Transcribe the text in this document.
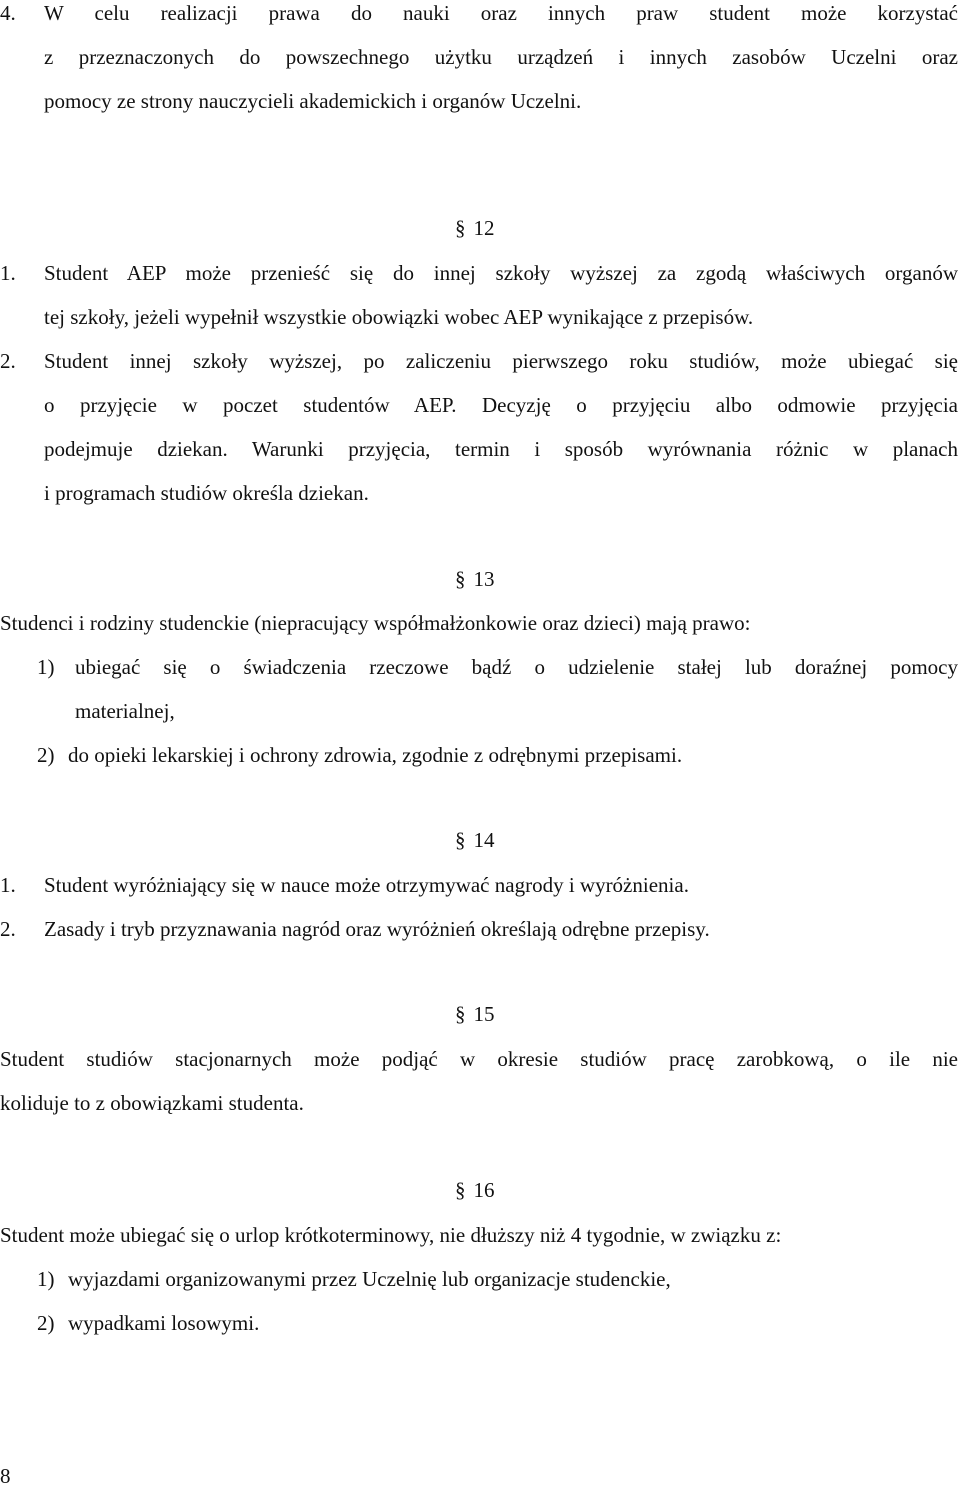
4.	W celu realizacji prawa do nauki oraz innych praw student może korzystać
z przeznaczonych do powszechnego użytku urządzeń i innych zasobów Uczelni oraz
pomocy ze strony nauczycieli akademickich i organów Uczelni.
§ 12
1.	Student AEP może przenieść się do innej szkoły wyższej za zgodą właściwych organów
tej szkoły, jeżeli wypełnił wszystkie obowiązki wobec AEP wynikające z przepisów.
2.	Student innej szkoły wyższej, po zaliczeniu pierwszego roku studiów, może ubiegać się
o przyjęcie w poczet studentów AEP. Decyzję o przyjęciu albo odmowie przyjęcia
podejmuje dziekan. Warunki przyjęcia, termin i sposób wyrównania różnic w planach
i programach studiów określa dziekan.
§ 13
Studenci i rodziny studenckie (niepracujący współmałżonkowie oraz dzieci) mają prawo:
1) ubiegać się o świadczenia rzeczowe bądź o udzielenie stałej lub doraźnej pomocy
materialnej,
2) do opieki lekarskiej i ochrony zdrowia, zgodnie z odrębnymi przepisami.
§ 14
1.	Student wyróżniający się w nauce może otrzymywać nagrody i wyróżnienia.
2.	Zasady i tryb przyznawania nagród oraz wyróżnień określają odrębne przepisy.
§ 15
Student studiów stacjonarnych może podjąć w okresie studiów pracę zarobkową, o ile nie
koliduje to z obowiązkami studenta.
§ 16
Student może ubiegać się o urlop krótkoterminowy, nie dłuższy niż 4 tygodnie, w związku z:
1) wyjazdami organizowanymi przez Uczelnię lub organizacje studenckie,
2) wypadkami losowymi.
8
